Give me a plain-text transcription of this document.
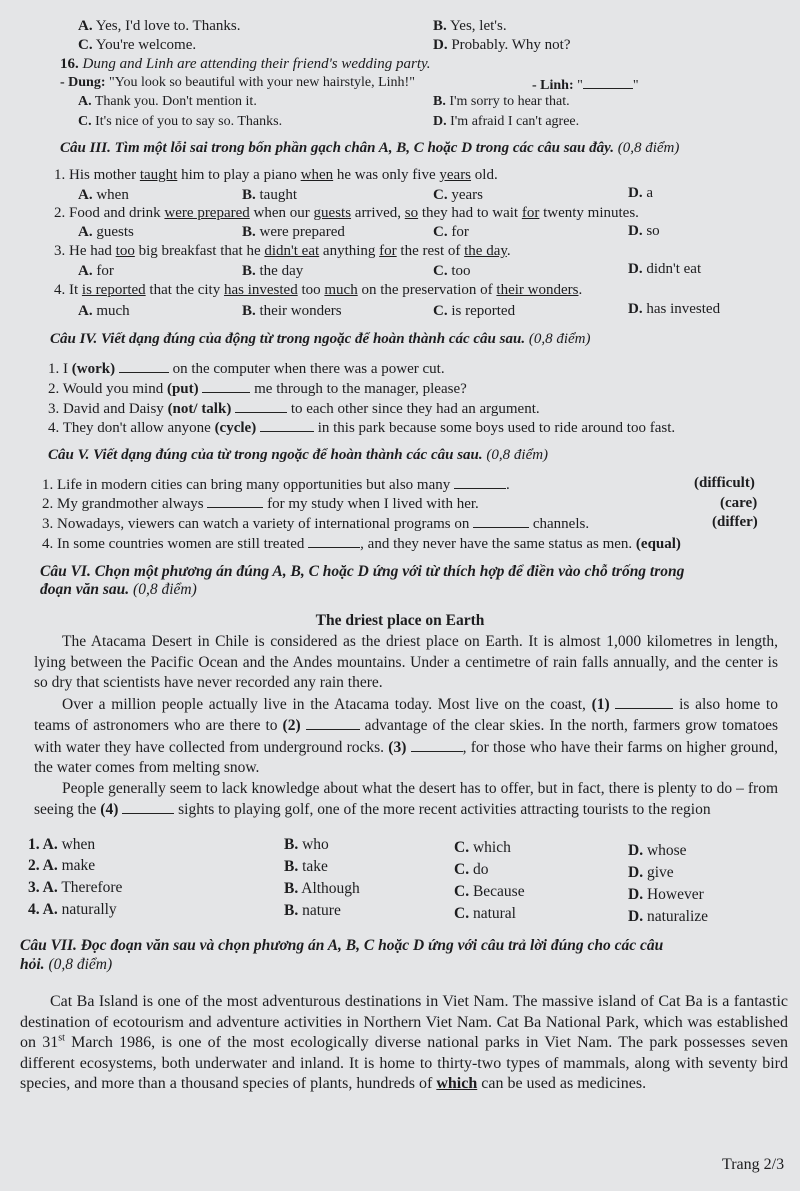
A. Yes, I'd love to. Thanks.	B. Yes, let's.
C. You're welcome.	D. Probably. Why not?
16. Dung and Linh are attending their friend's wedding party.
- Dung: "You look so beautiful with your new hairstyle, Linh!"	- Linh: "	"
A. Thank you. Don't mention it.	B. I'm sorry to hear that.
C. It's nice of you to say so. Thanks.	D. I'm afraid I can't agree.
Câu III. Tìm một lỗi sai trong bốn phần gạch chân A, B, C hoặc D trong các câu sau đây. (0,8 điểm)
1. His mother taught him to play a piano when he was only five years old.
A. when	B. taught	C. years	D. a
2. Food and drink were prepared when our guests arrived, so they had to wait for twenty minutes.
A. guests	B. were prepared	C. for	D. so
3. He had too big breakfast that he didn't eat anything for the rest of the day.
A. for	B. the day	C. too	D. didn't eat
4. It is reported that the city has invested too much on the preservation of their wonders.
A. much	B. their wonders	C. is reported	D. has invested
Câu IV. Viết dạng đúng của động từ trong ngoặc để hoàn thành các câu sau. (0,8 điểm)
1. I (work)	on the computer when there was a power cut.
2. Would you mind (put)	me through to the manager, please?
3. David and Daisy (not/ talk)	to each other since they had an argument.
4. They don't allow anyone (cycle)	in this park because some boys used to ride around too fast.
Câu V. Viết dạng đúng của từ trong ngoặc để hoàn thành các câu sau. (0,8 điểm)
1. Life in modern cities can bring many opportunities but also many	.	(difficult)
2. My grandmother always	for my study when I lived with her.	(care)
3. Nowadays, viewers can watch a variety of international programs on	channels.	(differ)
4. In some countries women are still treated	, and they never have the same status as men. (equal)
Câu VI. Chọn một phương án đúng A, B, C hoặc D ứng với từ thích hợp để điền vào chỗ trống trong
đoạn văn sau. (0,8 điểm)
The driest place on Earth

The Atacama Desert in Chile is considered as the driest place on Earth. It is almost 1,000 kilometres in length, lying between the Pacific Ocean and the Andes mountains. Under a centimetre of rain falls annually, and the center is so dry that scientists have never recorded any rain there.

Over a million people actually live in the Atacama today. Most live on the coast, (1)	is also home to teams of astronomers who are there to (2)	advantage of the clear skies. In the north, farmers grow tomatoes with water they have collected from underground rocks. (3)	, for those who have their farms on higher ground, the water comes from melting snow.

People generally seem to lack knowledge about what the desert has to offer, but in fact, there is plenty to do – from seeing the (4)	sights to playing golf, one of the more recent activities attracting tourists to the region

1. A. when	B. who	C. which	D. whose
2. A. make	B. take	C. do	D. give
3. A. Therefore	B. Although	C. Because	D. However
4. A. naturally	B. nature	C. natural	D. naturalize
Câu VII. Đọc đoạn văn sau và chọn phương án A, B, C hoặc D ứng với câu trả lời đúng cho các câu
hỏi. (0,8 điểm)

Cat Ba Island is one of the most adventurous destinations in Viet Nam. The massive island of Cat Ba is a fantastic destination of ecotourism and adventure activities in Northern Viet Nam. Cat Ba National Park, which was established on 31st March 1986, is one of the most ecologically diverse national parks in Viet Nam. The park possesses seven different ecosystems, both underwater and inland. It is home to thirty-two types of mammals, along with seventy bird species, and more than a thousand species of plants, hundreds of which can be used as medicines.

Trang 2/3
